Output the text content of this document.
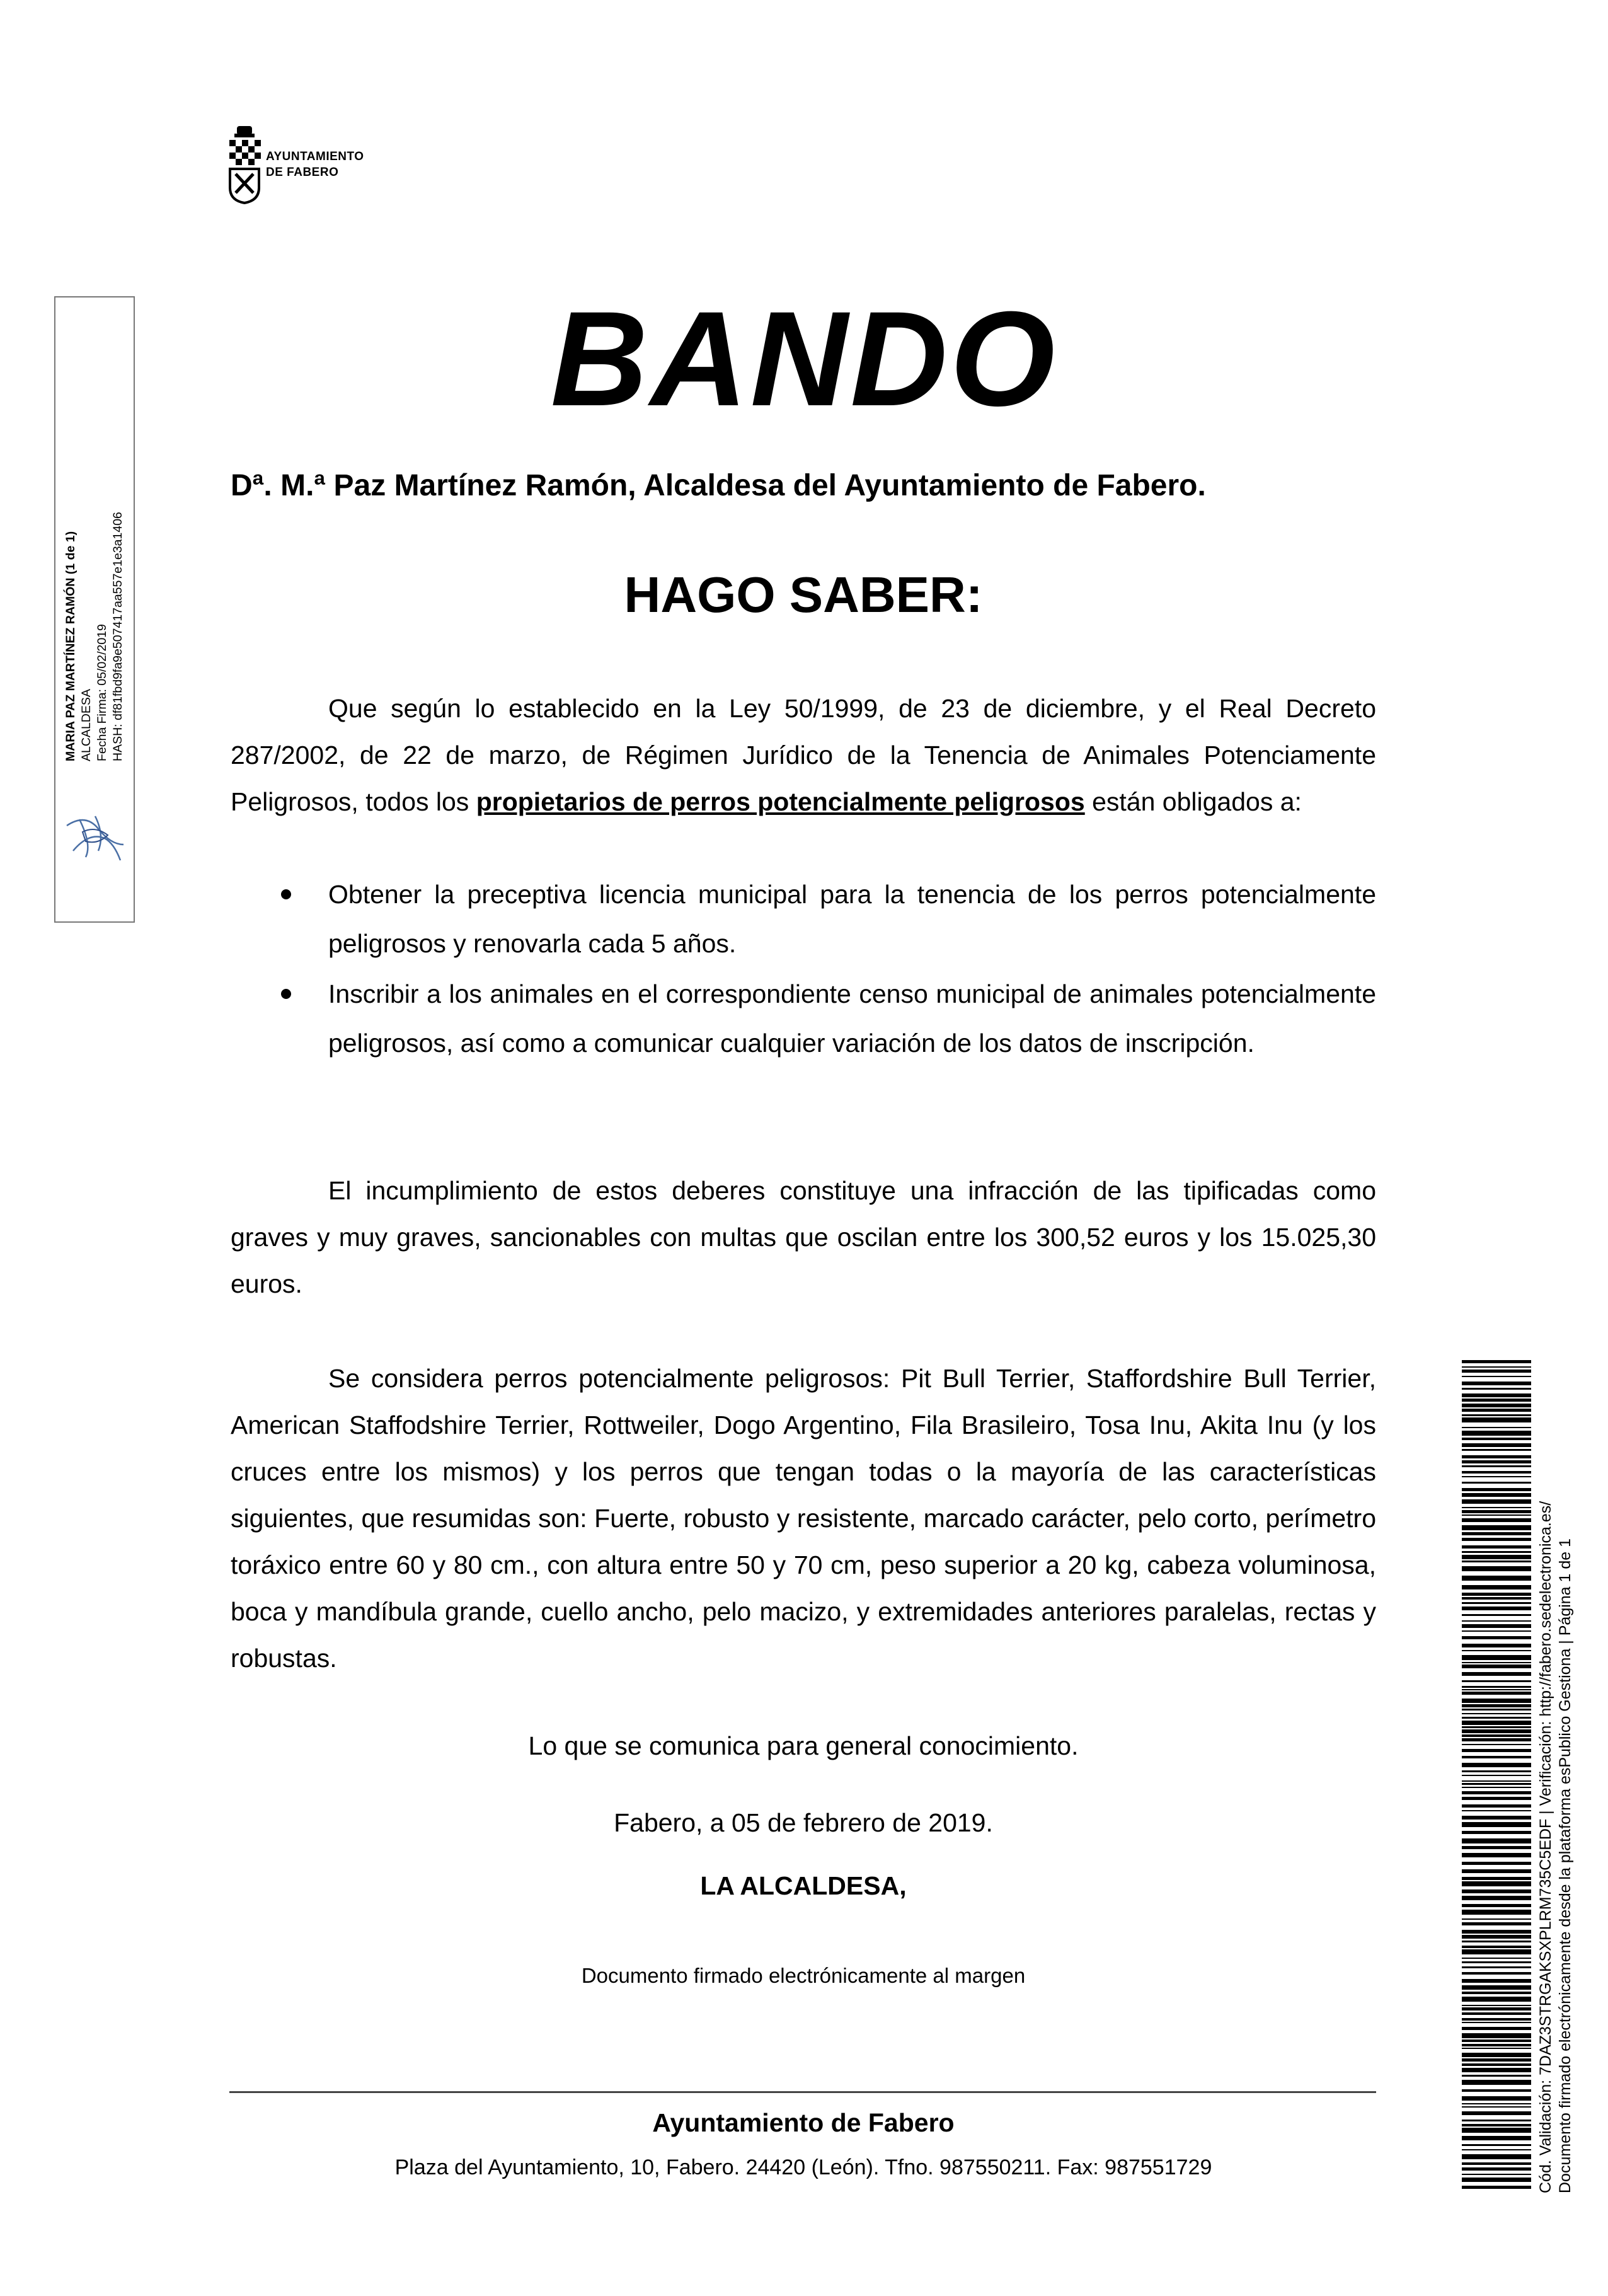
AYUNTAMIENTO
DE FABERO
MARIA PAZ MARTÍNEZ RAMÓN (1 de 1) ALCALDESA Fecha Firma: 05/02/2019 HASH: df81fbd9fa9e507417aa557e1e3a1406
BANDO
Dª. M.ª Paz Martínez Ramón, Alcaldesa del Ayuntamiento de Fabero.
HAGO SABER:

Que según lo establecido en la Ley 50/1999, de 23 de diciembre, y el Real Decreto 287/2002, de 22 de marzo, de Régimen Jurídico de la Tenencia de Animales Potenciamente Peligrosos, todos los propietarios de perros potencialmente peligrosos están obligados a:

Obtener la preceptiva licencia municipal para la tenencia de los perros potencialmente peligrosos y renovarla cada 5 años.
Inscribir a los animales en el correspondiente censo municipal de animales potencialmente peligrosos, así como a comunicar cualquier variación de los datos de inscripción.

El incumplimiento de estos deberes constituye una infracción de las tipificadas como graves y muy graves, sancionables con multas que oscilan entre los 300,52 euros y los 15.025,30 euros.

Se considera perros potencialmente peligrosos: Pit Bull Terrier, Staffordshire Bull Terrier, American Staffodshire Terrier, Rottweiler, Dogo Argentino, Fila Brasileiro, Tosa Inu, Akita Inu (y los cruces entre los mismos) y los perros que tengan todas o la mayoría de las características siguientes, que resumidas son: Fuerte, robusto y resistente, marcado carácter, pelo corto, perímetro toráxico entre 60 y 80 cm., con altura entre 50 y 70 cm, peso superior a 20 kg, cabeza voluminosa, boca y mandíbula grande, cuello ancho, pelo macizo, y extremidades anteriores paralelas, rectas y robustas.

Lo que se comunica para general conocimiento.
Fabero, a 05 de febrero de 2019.
LA ALCALDESA,
Documento firmado electrónicamente al margen
Ayuntamiento de Fabero
Plaza del Ayuntamiento, 10, Fabero. 24420 (León). Tfno. 987550211. Fax: 987551729	Cód. Validación: 7DAZ3STRGAKSXPLRM735C5EDF | Verificación: http://fabero.sedelectronica.es/ Documento firmado electrónicamente desde la plataforma esPublico Gestiona | Página 1 de 1
